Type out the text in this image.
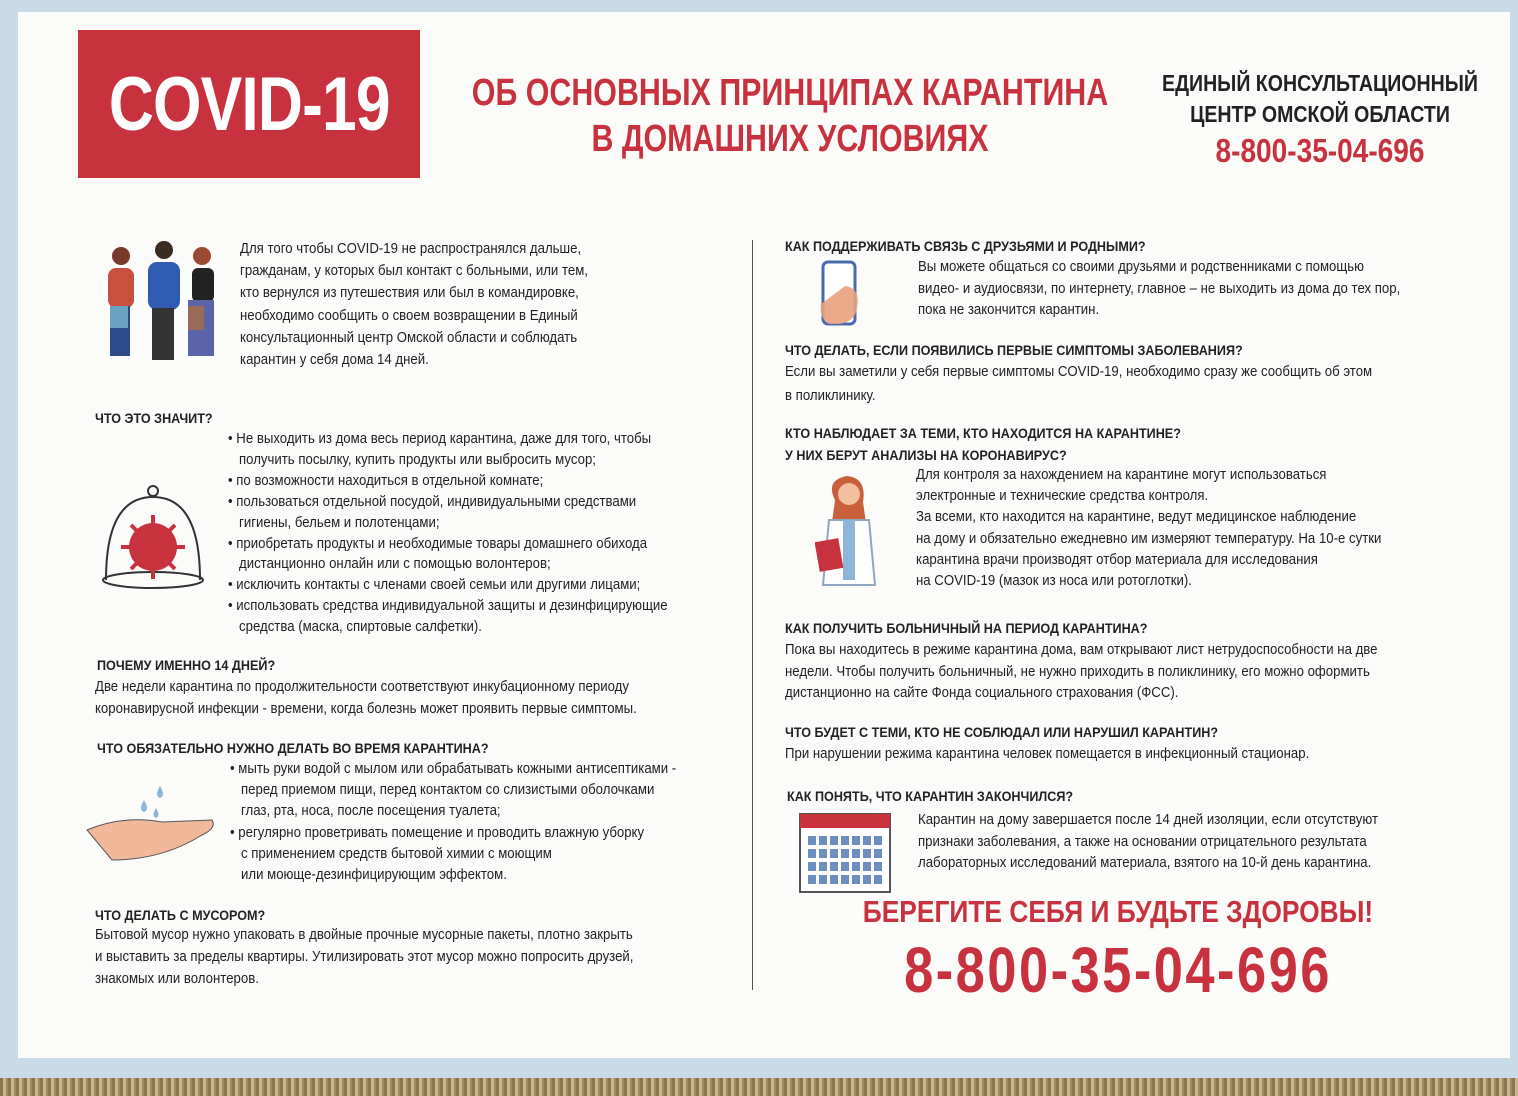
COVID-19 ОБ ОСНОВНЫХ ПРИНЦИПАХ КАРАНТИНА
В ДОМАШНИХ УСЛОВИЯХ
ЕДИНЫЙ КОНСУЛЬТАЦИОННЫЙ
ЦЕНТР ОМСКОЙ ОБЛАСТИ
8-800-35-04-696
Для того чтобы COVID-19 не распространялся дальше,
гражданам, у которых был контакт с больными, или тем,
кто вернулся из путешествия или был в командировке,
необходимо сообщить о своем возвращении в Единый
консультационный центр Омской области и соблюдать
карантин у себя дома 14 дней.
ЧТО ЭТО ЗНАЧИТ?
• Не выходить из дома весь период карантина, даже для того, чтобы
получить посылку, купить продукты или выбросить мусор;
• по возможности находиться в отдельной комнате;
• пользоваться отдельной посудой, индивидуальными средствами
гигиены, бельем и полотенцами;
• приобретать продукты и необходимые товары домашнего обихода
дистанционно онлайн или с помощью волонтеров;
• исключить контакты с членами своей семьи или другими лицами;
• использовать средства индивидуальной защиты и дезинфицирующие
средства (маска, спиртовые салфетки).
ПОЧЕМУ ИМЕННО 14 ДНЕЙ?
Две недели карантина по продолжительности соответствуют инкубационному периоду
коронавирусной инфекции - времени, когда болезнь может проявить первые симптомы.
ЧТО ОБЯЗАТЕЛЬНО НУЖНО ДЕЛАТЬ ВО ВРЕМЯ КАРАНТИНА?
• мыть руки водой с мылом или обрабатывать кожными антисептиками -
перед приемом пищи, перед контактом со слизистыми оболочками
глаз, рта, носа, после посещения туалета;
• регулярно проветривать помещение и проводить влажную уборку
с применением средств бытовой химии с моющим
или моюще-дезинфицирующим эффектом.
ЧТО ДЕЛАТЬ С МУСОРОМ?
Бытовой мусор нужно упаковать в двойные прочные мусорные пакеты, плотно закрыть
и выставить за пределы квартиры. Утилизировать этот мусор можно попросить друзей,
знакомых или волонтеров.
КАК ПОДДЕРЖИВАТЬ СВЯЗЬ С ДРУЗЬЯМИ И РОДНЫМИ?
Вы можете общаться со своими друзьями и родственниками с помощью
видео- и аудиосвязи, по интернету, главное – не выходить из дома до тех пор,
пока не закончится карантин.
ЧТО ДЕЛАТЬ, ЕСЛИ ПОЯВИЛИСЬ ПЕРВЫЕ СИМПТОМЫ ЗАБОЛЕВАНИЯ?
Если вы заметили у себя первые симптомы COVID-19, необходимо сразу же сообщить об этом
в поликлинику.
КТО НАБЛЮДАЕТ ЗА ТЕМИ, КТО НАХОДИТСЯ НА КАРАНТИНЕ?
У НИХ БЕРУТ АНАЛИЗЫ НА КОРОНАВИРУС?
Для контроля за нахождением на карантине могут использоваться
электронные и технические средства контроля.
За всеми, кто находится на карантине, ведут медицинское наблюдение
на дому и обязательно ежедневно им измеряют температуру. На 10-е сутки
карантина врачи производят отбор материала для исследования
на COVID-19 (мазок из носа или ротоглотки).
КАК ПОЛУЧИТЬ БОЛЬНИЧНЫЙ НА ПЕРИОД КАРАНТИНА?
Пока вы находитесь в режиме карантина дома, вам открывают лист нетрудоспособности на две
недели. Чтобы получить больничный, не нужно приходить в поликлинику, его можно оформить
дистанционно на сайте Фонда социального страхования (ФСС).
ЧТО БУДЕТ С ТЕМИ, КТО НЕ СОБЛЮДАЛ ИЛИ НАРУШИЛ КАРАНТИН?
При нарушении режима карантина человек помещается в инфекционный стационар.
КАК ПОНЯТЬ, ЧТО КАРАНТИН ЗАКОНЧИЛСЯ?
Карантин на дому завершается после 14 дней изоляции, если отсутствуют
признаки заболевания, а также на основании отрицательного результата
лабораторных исследований материала, взятого на 10-й день карантина.
БЕРЕГИТЕ СЕБЯ И БУДЬТЕ ЗДОРОВЫ!
8-800-35-04-696
